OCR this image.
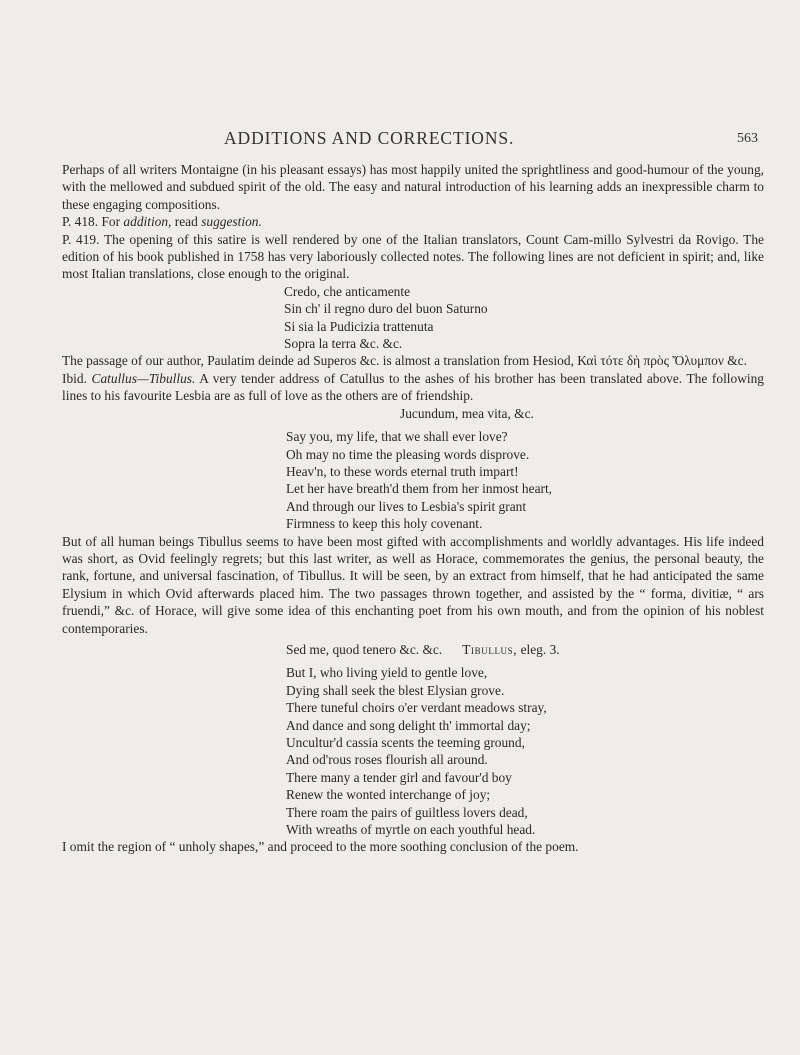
ADDITIONS AND CORRECTIONS.	563

Perhaps of all writers Montaigne (in his pleasant essays) has most happily united the sprightliness and good-humour of the young, with the mellowed and subdued spirit of the old. The easy and natural introduction of his learning adds an inexpressible charm to these engaging compositions.

P. 418. For addition, read suggestion.

P. 419. The opening of this satire is well rendered by one of the Italian translators, Count Cam-millo Sylvestri da Rovigo. The edition of his book published in 1758 has very laboriously collected notes. The following lines are not deficient in spirit; and, like most Italian translations, close enough to the original.

Credo, che anticamente
Sin ch' il regno duro del buon Saturno
Si sia la Pudicizia trattenuta
Sopra la terra &c. &c.

The passage of our author, Paulatim deinde ad Superos &c. is almost a translation from Hesiod, Καὶ τότε δὴ πρὸς Ὄλυμπον &c.

Ibid. Catullus—Tibullus. A very tender address of Catullus to the ashes of his brother has been translated above. The following lines to his favourite Lesbia are as full of love as the others are of friendship.

Jucundum, mea vita, &c.
Say you, my life, that we shall ever love?
Oh may no time the pleasing words disprove.
Heav'n, to these words eternal truth impart!
Let her have breath'd them from her inmost heart,
And through our lives to Lesbia's spirit grant
Firmness to keep this holy covenant.

But of all human beings Tibullus seems to have been most gifted with accomplishments and worldly advantages. His life indeed was short, as Ovid feelingly regrets; but this last writer, as well as Horace, commemorates the genius, the personal beauty, the rank, fortune, and universal fascination, of Tibullus. It will be seen, by an extract from himself, that he had anticipated the same Elysium in which Ovid afterwards placed him. The two passages thrown together, and assisted by the “ forma, divitiæ, “ ars fruendi,” &c. of Horace, will give some idea of this enchanting poet from his own mouth, and from the opinion of his noblest contemporaries.

Sed me, quod tenero &c. &c. Tibullus, eleg. 3.
But I, who living yield to gentle love,
Dying shall seek the blest Elysian grove.
There tuneful choirs o'er verdant meadows stray,
And dance and song delight th' immortal day;
Uncultur'd cassia scents the teeming ground,
And od'rous roses flourish all around.
There many a tender girl and favour'd boy
Renew the wonted interchange of joy;
There roam the pairs of guiltless lovers dead,
With wreaths of myrtle on each youthful head.

I omit the region of “ unholy shapes,” and proceed to the more soothing conclusion of the poem.
